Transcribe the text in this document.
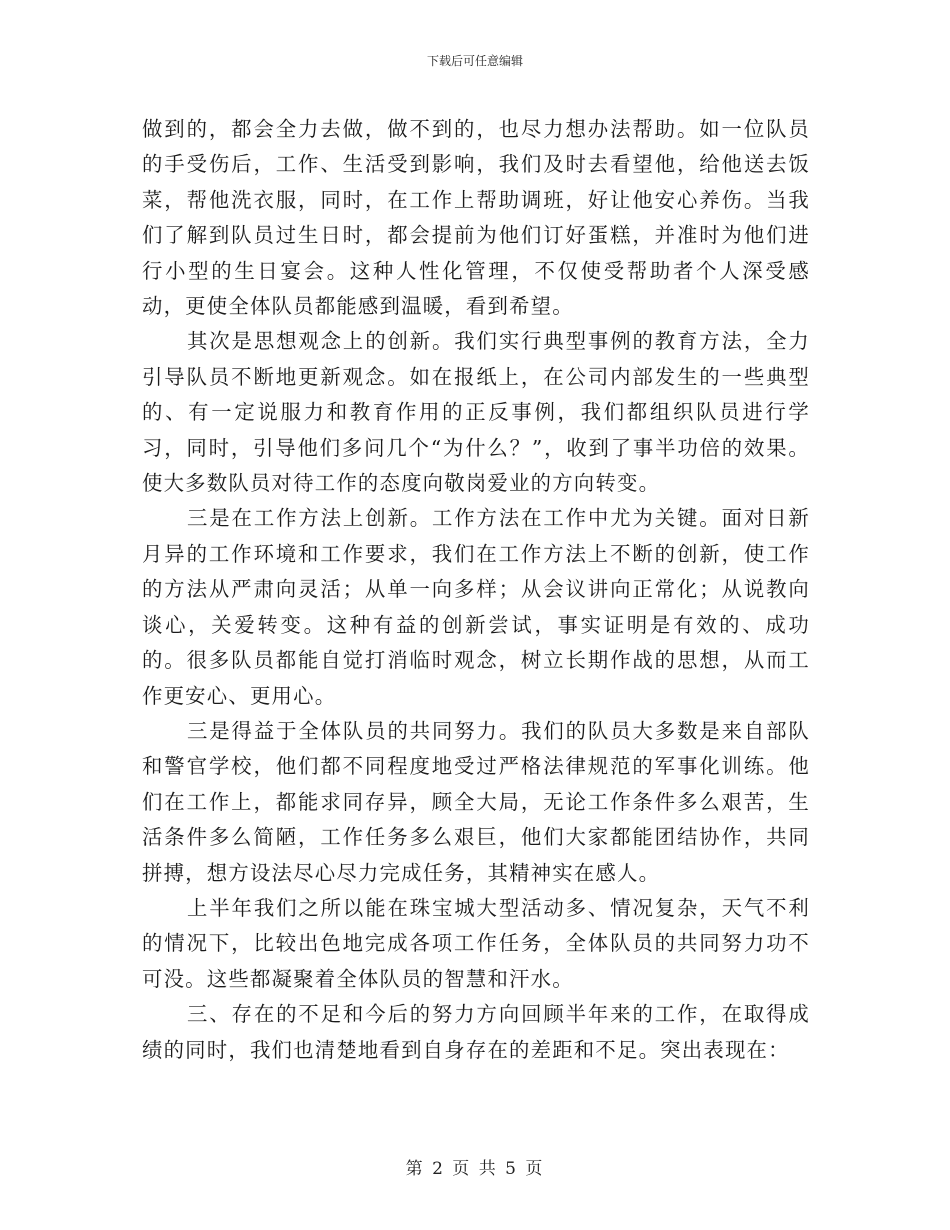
下载后可任意编辑

做到的，都会全力去做，做不到的，也尽力想办法帮助。如一位队员的手受伤后，工作、生活受到影响，我们及时去看望他，给他送去饭菜，帮他洗衣服，同时，在工作上帮助调班，好让他安心养伤。当我们了解到队员过生日时，都会提前为他们订好蛋糕，并准时为他们进行小型的生日宴会。这种人性化管理，不仅使受帮助者个人深受感动，更使全体队员都能感到温暖，看到希望。

其次是思想观念上的创新。我们实行典型事例的教育方法，全力引导队员不断地更新观念。如在报纸上，在公司内部发生的一些典型的、有一定说服力和教育作用的正反事例，我们都组织队员进行学习，同时，引导他们多问几个“为什么？”，收到了事半功倍的效果。使大多数队员对待工作的态度向敬岗爱业的方向转变。

三是在工作方法上创新。工作方法在工作中尤为关键。面对日新月异的工作环境和工作要求，我们在工作方法上不断的创新，使工作的方法从严肃向灵活；从单一向多样；从会议讲向正常化；从说教向谈心，关爱转变。这种有益的创新尝试，事实证明是有效的、成功的。很多队员都能自觉打消临时观念，树立长期作战的思想，从而工作更安心、更用心。

三是得益于全体队员的共同努力。我们的队员大多数是来自部队和警官学校，他们都不同程度地受过严格法律规范的军事化训练。他们在工作上，都能求同存异，顾全大局，无论工作条件多么艰苦，生活条件多么简陋，工作任务多么艰巨，他们大家都能团结协作，共同拼搏，想方设法尽心尽力完成任务，其精神实在感人。

上半年我们之所以能在珠宝城大型活动多、情况复杂，天气不利的情况下，比较出色地完成各项工作任务，全体队员的共同努力功不可没。这些都凝聚着全体队员的智慧和汗水。

三、存在的不足和今后的努力方向回顾半年来的工作，在取得成绩的同时，我们也清楚地看到自身存在的差距和不足。突出表现在：

第 2 页 共 5 页
